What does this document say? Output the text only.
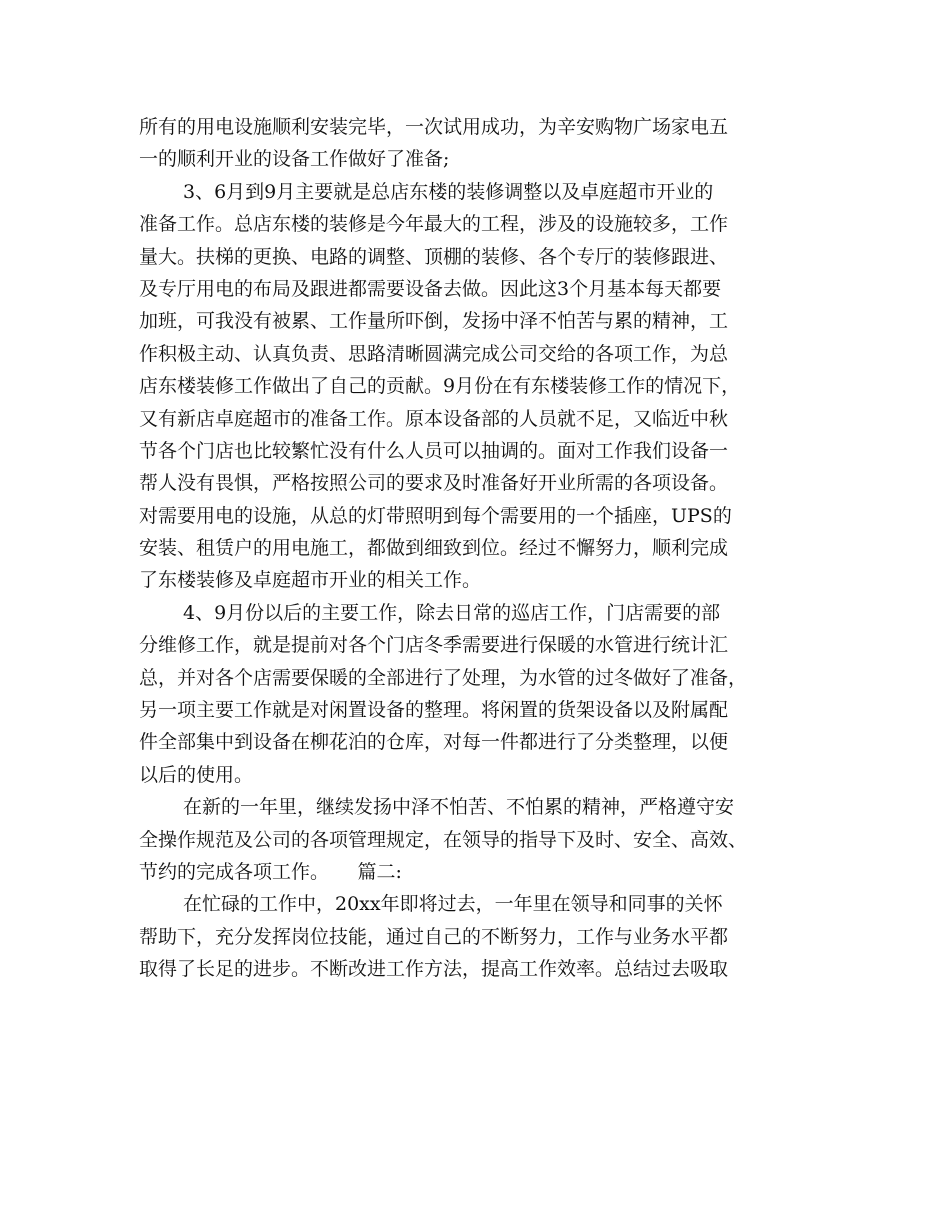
所有的用电设施顺利安装完毕，一次试用成功，为辛安购物广场家电五
一的顺利开业的设备工作做好了准备;
3、6月到9月主要就是总店东楼的装修调整以及卓庭超市开业的
准备工作。总店东楼的装修是今年最大的工程，涉及的设施较多，工作
量大。扶梯的更换、电路的调整、顶棚的装修、各个专厅的装修跟进、
及专厅用电的布局及跟进都需要设备去做。因此这3个月基本每天都要
加班，可我没有被累、工作量所吓倒，发扬中泽不怕苦与累的精神，工
作积极主动、认真负责、思路清晰圆满完成公司交给的各项工作，为总
店东楼装修工作做出了自己的贡献。9月份在有东楼装修工作的情况下，
又有新店卓庭超市的准备工作。原本设备部的人员就不足，又临近中秋
节各个门店也比较繁忙没有什么人员可以抽调的。面对工作我们设备一
帮人没有畏惧，严格按照公司的要求及时准备好开业所需的各项设备。
对需要用电的设施，从总的灯带照明到每个需要用的一个插座，UPS的
安装、租赁户的用电施工，都做到细致到位。经过不懈努力，顺利完成
了东楼装修及卓庭超市开业的相关工作。
4、9月份以后的主要工作，除去日常的巡店工作，门店需要的部
分维修工作，就是提前对各个门店冬季需要进行保暖的水管进行统计汇
总，并对各个店需要保暖的全部进行了处理，为水管的过冬做好了准备，
另一项主要工作就是对闲置设备的整理。将闲置的货架设备以及附属配
件全部集中到设备在柳花泊的仓库，对每一件都进行了分类整理，以便
以后的使用。
在新的一年里，继续发扬中泽不怕苦、不怕累的精神，严格遵守安
全操作规范及公司的各项管理规定，在领导的指导下及时、安全、高效、
节约的完成各项工作。　　篇二:
在忙碌的工作中，20xx年即将过去，一年里在领导和同事的关怀
帮助下，充分发挥岗位技能，通过自己的不断努力，工作与业务水平都
取得了长足的进步。不断改进工作方法，提高工作效率。总结过去吸取
